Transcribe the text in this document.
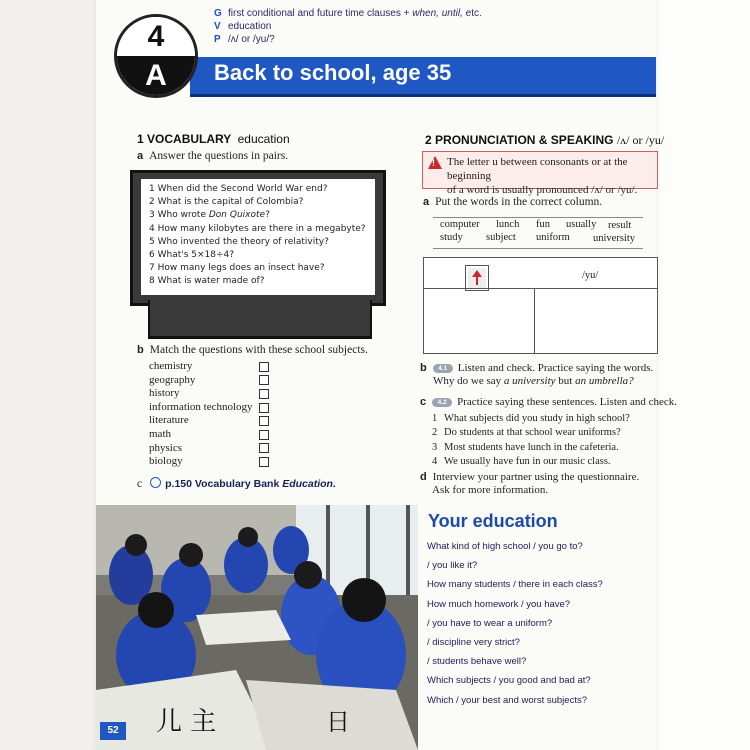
G first conditional and future time clauses + when, until, etc.
V education
P /ʌ/ or /yu/?
Back to school, age 35
4
A
1 VOCABULARY education
a Answer the questions in pairs.
1 When did the Second World War end?
2 What is the capital of Colombia?
3 Who wrote Don Quixote?
4 How many kilobytes are there in a megabyte?
5 Who invented the theory of relativity?
6 What's 5×18÷4?
7 How many legs does an insect have?
8 What is water made of?
b Match the questions with these school subjects.
chemistry
geography
history
information technology
literature
math
physics
biology
c p.150 Vocabulary Bank Education.
2 PRONUNCIATION & SPEAKING /ʌ/ or /yu/
! The letter u between consonants or at the beginning
of a word is usually pronounced /ʌ/ or /yu/.
a Put the words in the correct column.
computer lunch fun usually result
study subject uniform university
/yu/
b 4.1 Listen and check. Practice saying the words.
Why do we say a university but an umbrella?
c 4.2 Practice saying these sentences. Listen and check.
1 What subjects did you study in high school?
2 Do students at that school wear uniforms?
3 Most students have lunch in the cafeteria.
4 We usually have fun in our music class.
d Interview your partner using the questionnaire.
Ask for more information.
儿 主	日
52
Your education
What kind of high school / you go to?
/ you like it?
How many students / there in each class?
How much homework / you have?
/ you have to wear a uniform?
/ discipline very strict?
/ students behave well?
Which subjects / you good and bad at?
Which / your best and worst subjects?
